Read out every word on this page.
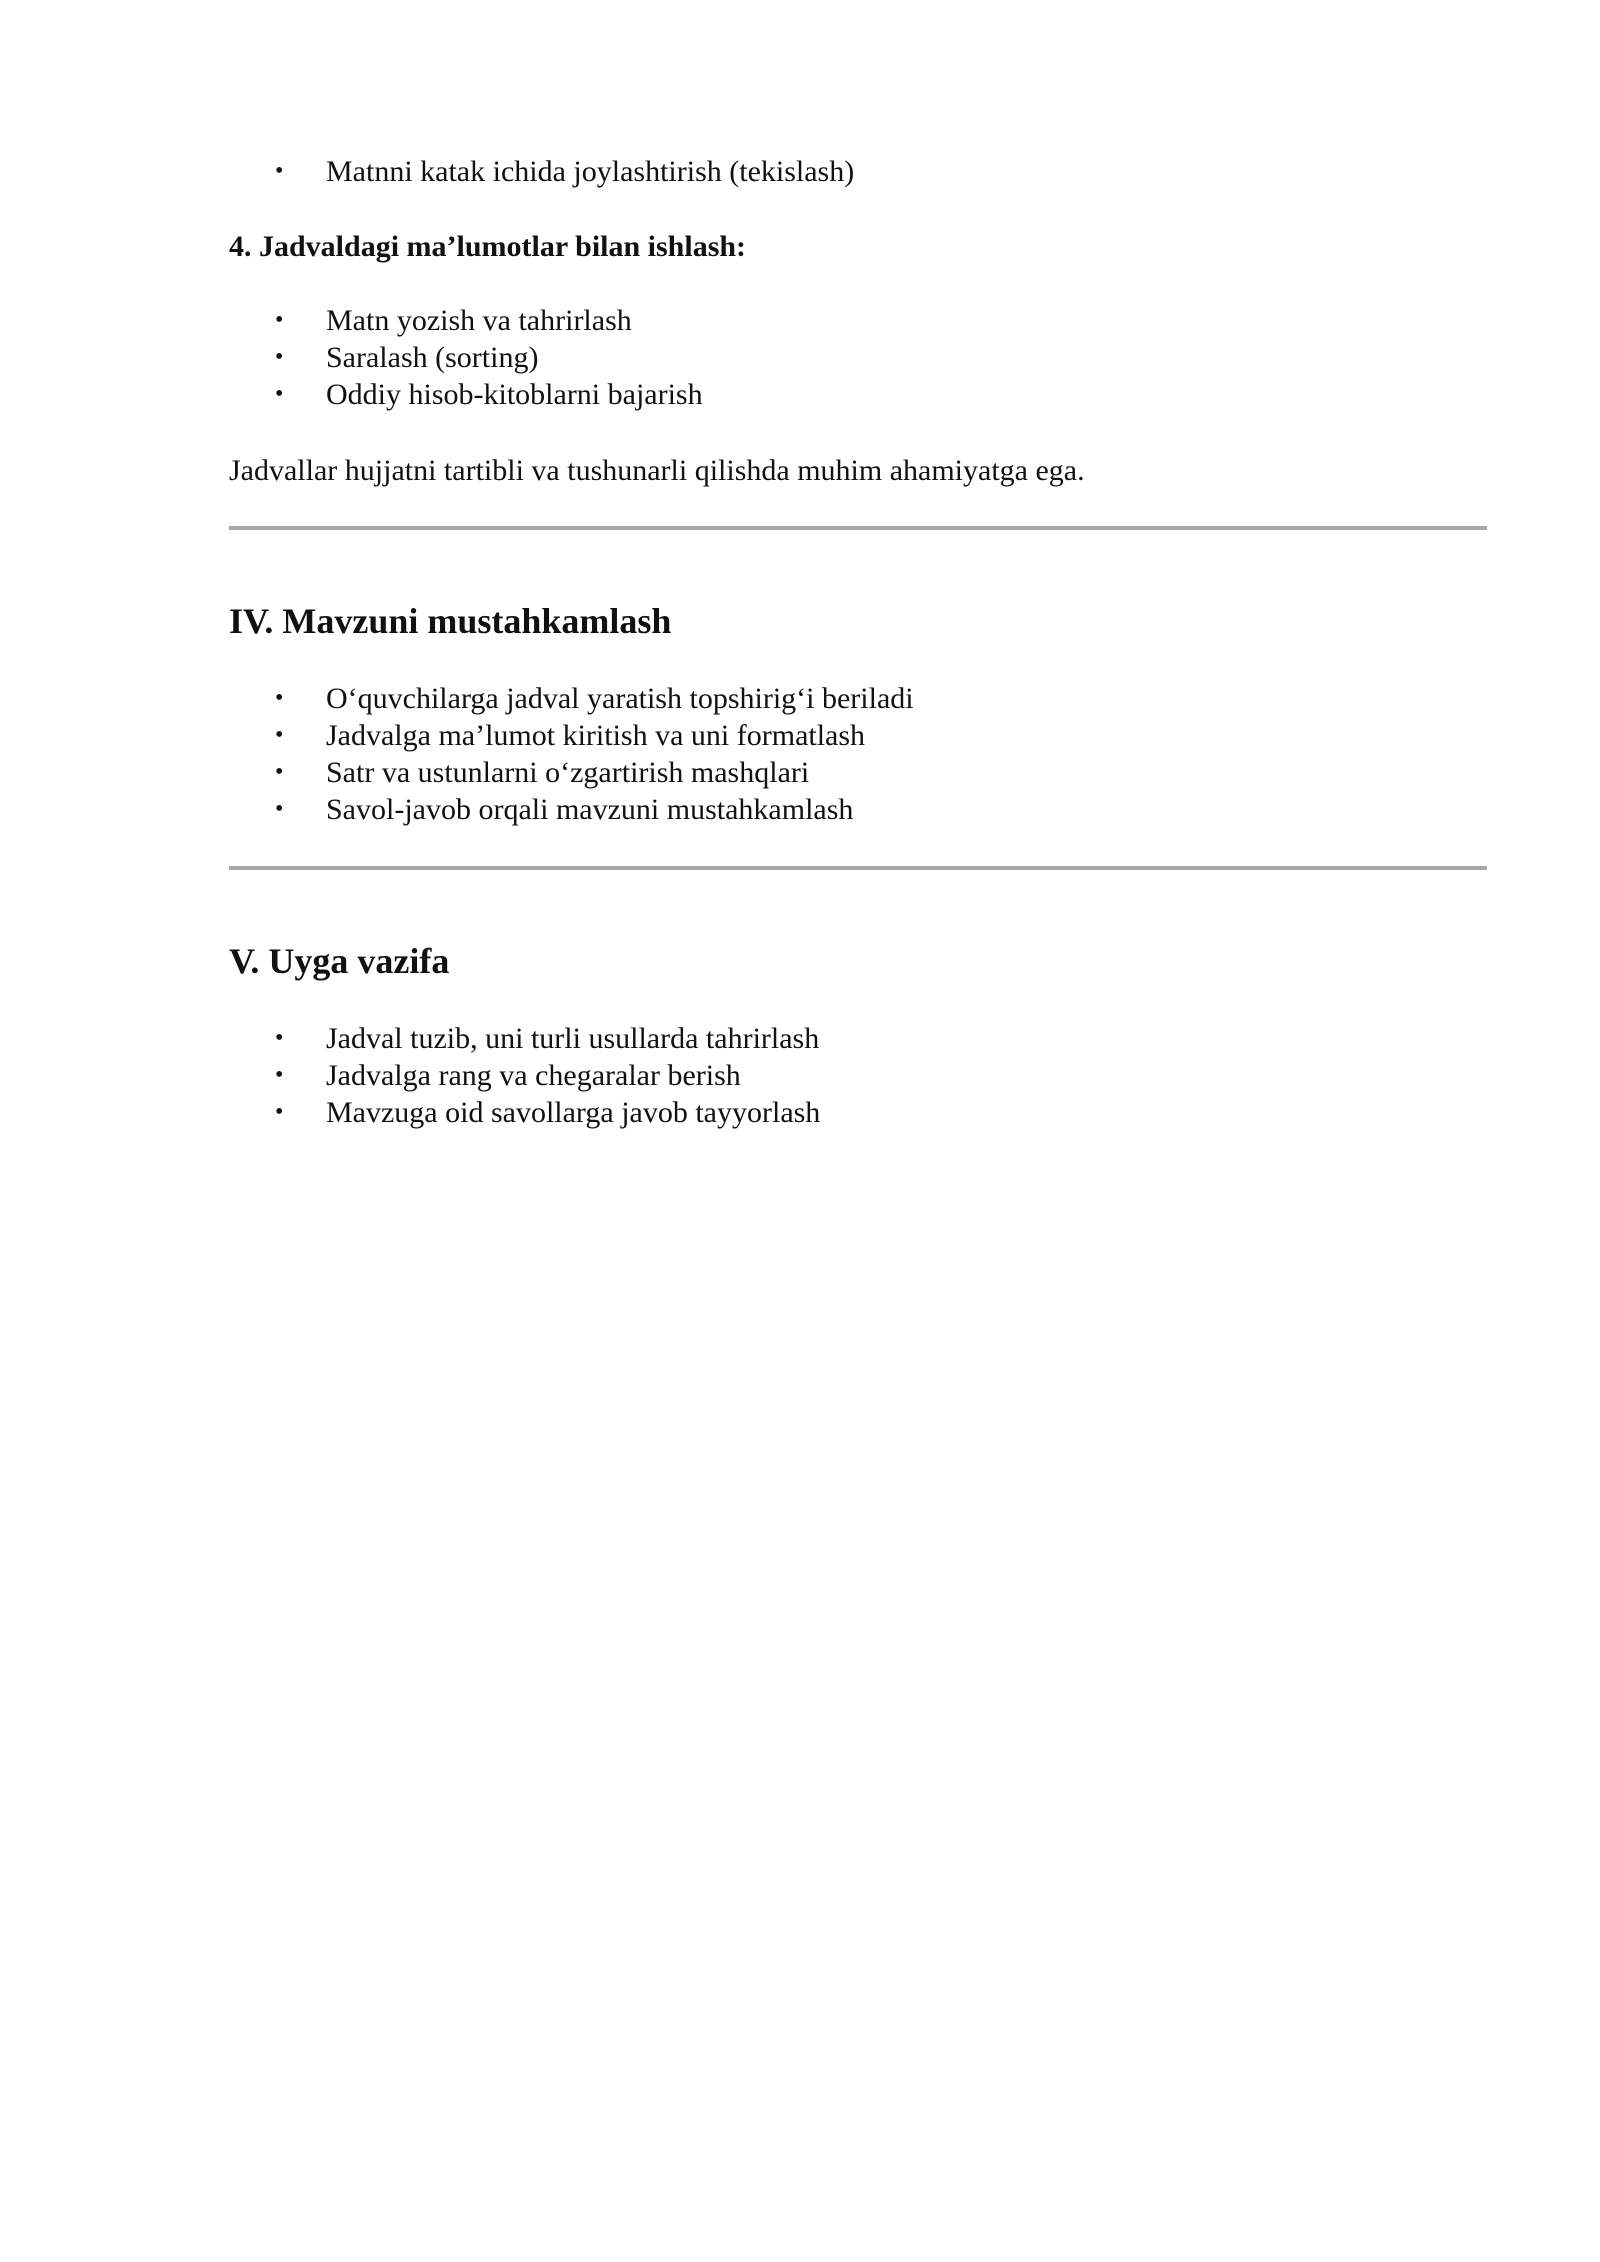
• Matnni katak ichida joylashtirish (tekislash)

4. Jadvaldagi ma’lumotlar bilan ishlash:

• Matn yozish va tahrirlash
• Saralash (sorting)
• Oddiy hisob-kitoblarni bajarish

Jadvallar hujjatni tartibli va tushunarli qilishda muhim ahamiyatga ega.

IV. Mavzuni mustahkamlash
• O‘quvchilarga jadval yaratish topshirig‘i beriladi
• Jadvalga ma’lumot kiritish va uni formatlash
• Satr va ustunlarni o‘zgartirish mashqlari
• Savol-javob orqali mavzuni mustahkamlash
V. Uyga vazifa
• Jadval tuzib, uni turli usullarda tahrirlash
• Jadvalga rang va chegaralar berish
• Mavzuga oid savollarga javob tayyorlash
